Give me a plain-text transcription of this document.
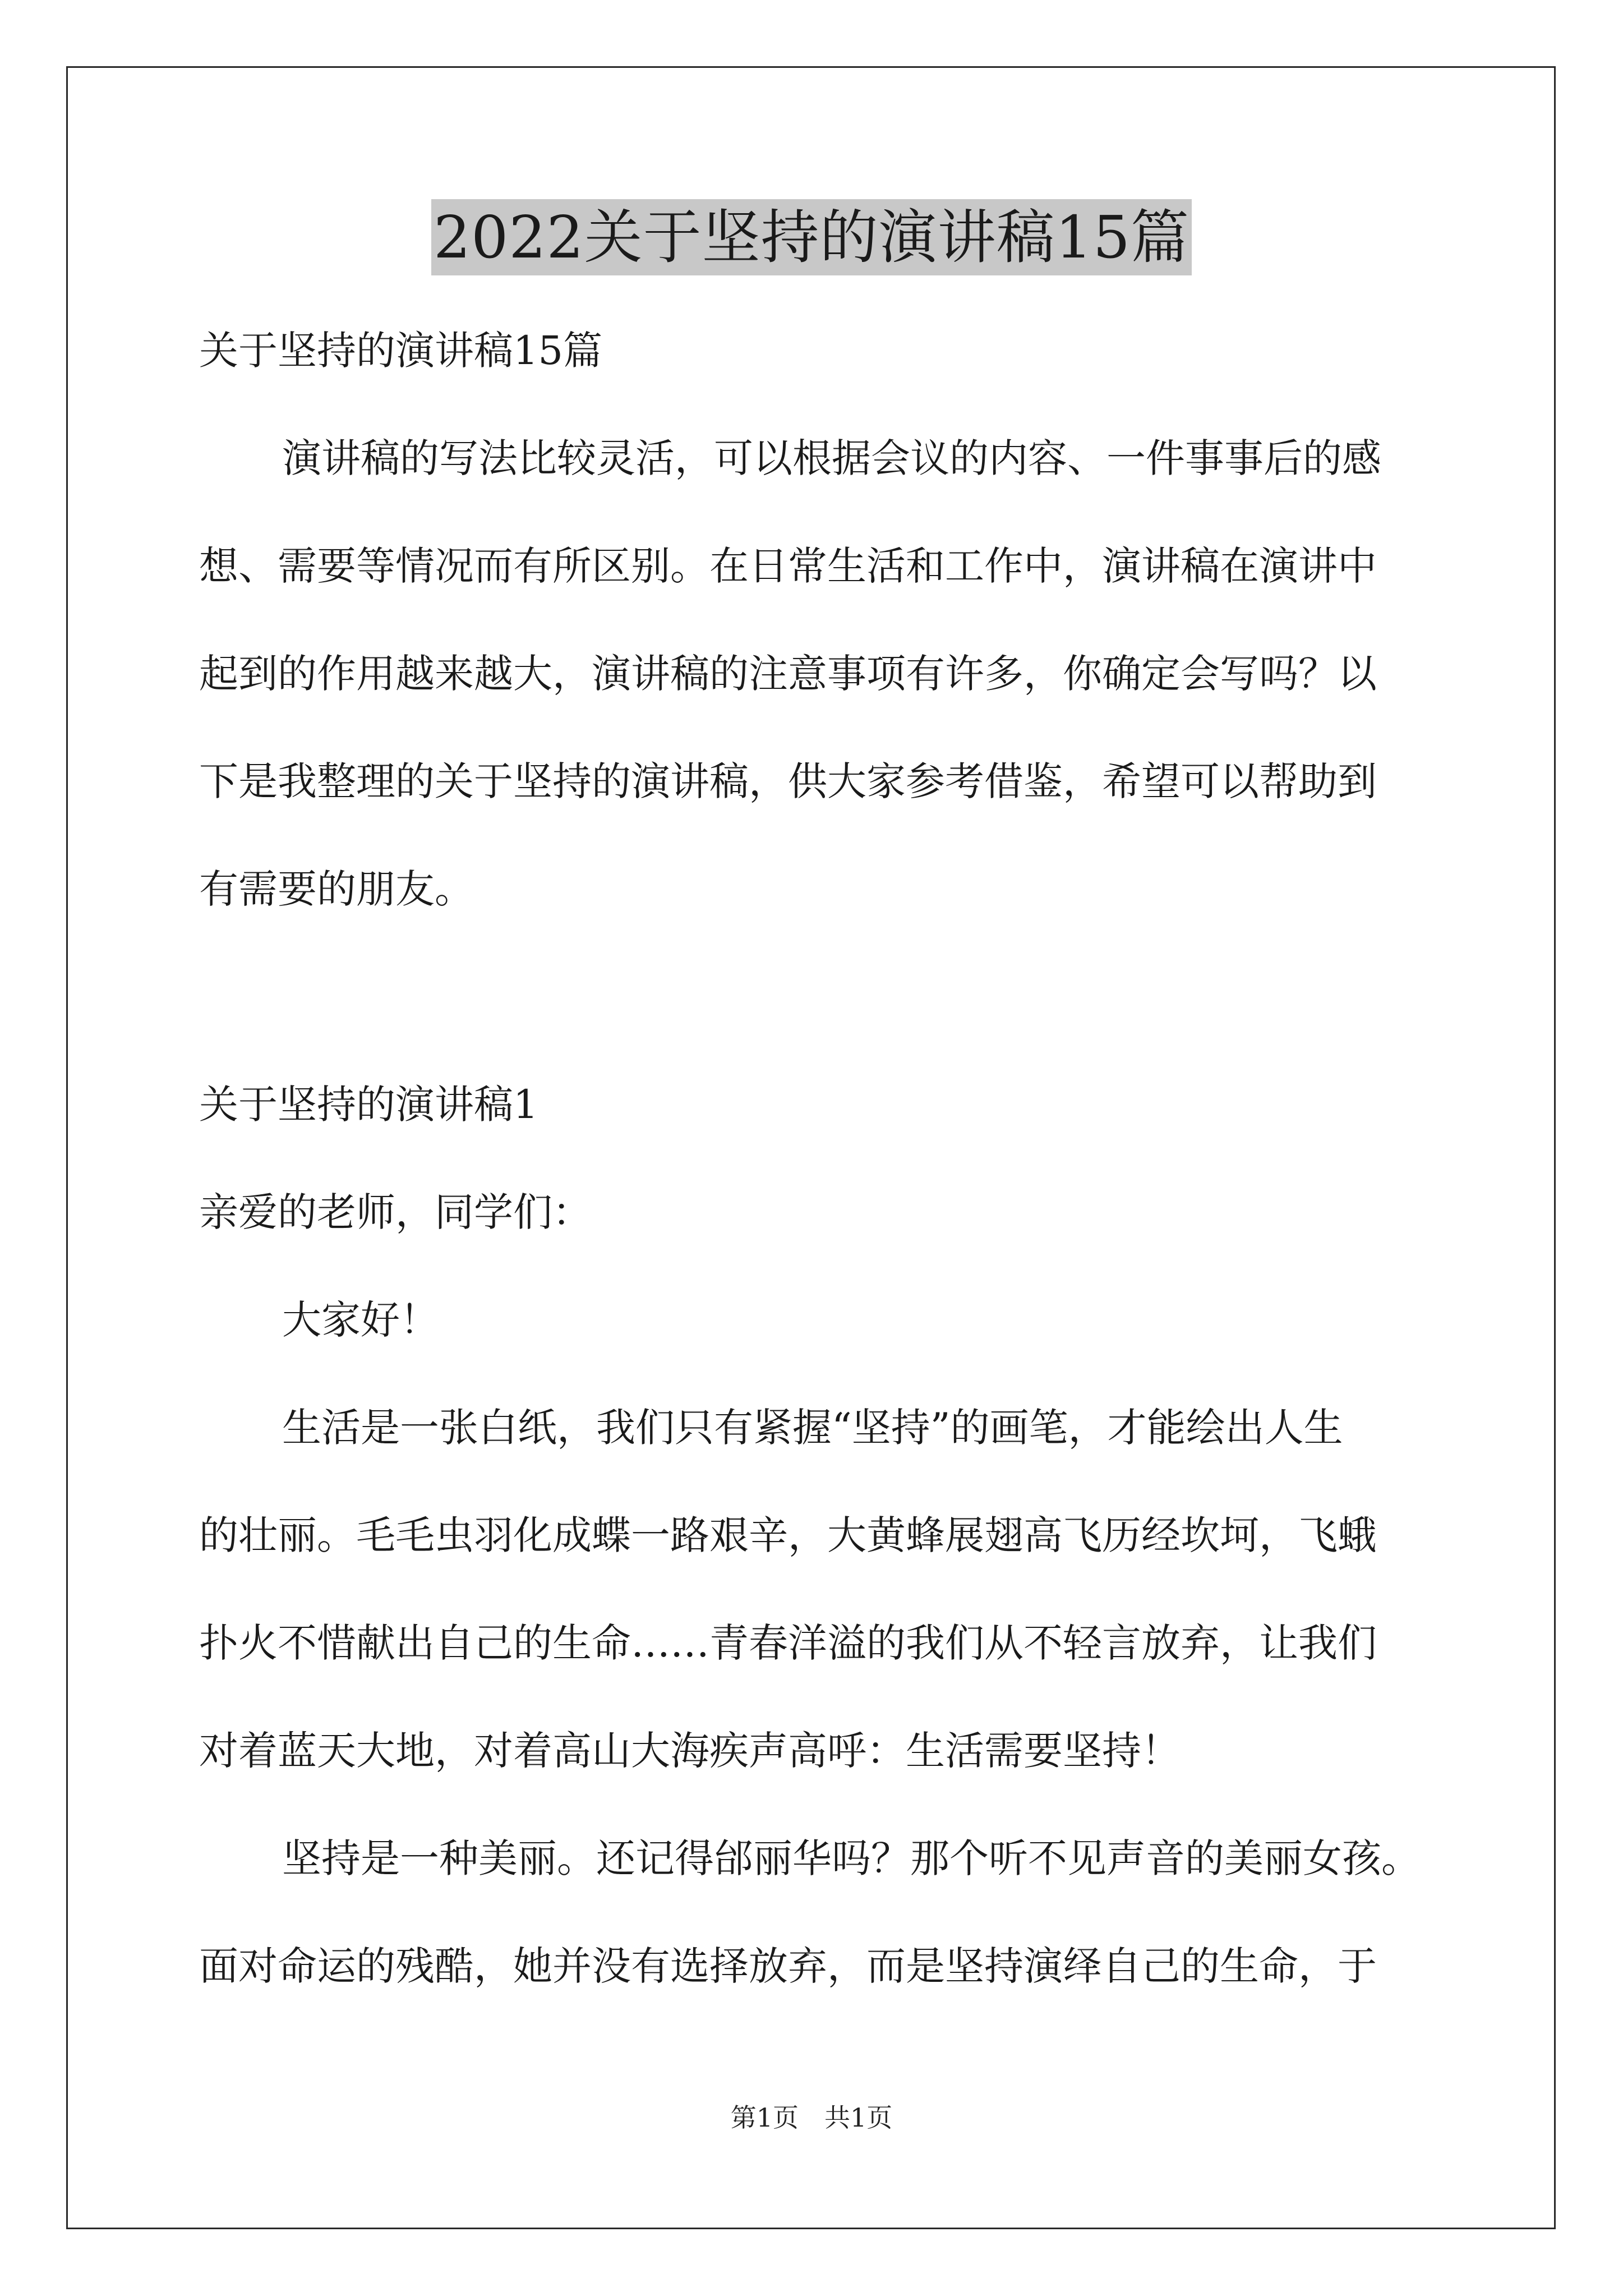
2022关于坚持的演讲稿15篇
关于坚持的演讲稿15篇
演讲稿的写法比较灵活，可以根据会议的内容、一件事事后的感
想、需要等情况而有所区别。在日常生活和工作中，演讲稿在演讲中
起到的作用越来越大，演讲稿的注意事项有许多，你确定会写吗？以
下是我整理的关于坚持的演讲稿，供大家参考借鉴，希望可以帮助到
有需要的朋友。
关于坚持的演讲稿1
亲爱的老师，同学们：
大家好！
生活是一张白纸，我们只有紧握“坚持”的画笔，才能绘出人生
的壮丽。毛毛虫羽化成蝶一路艰辛，大黄蜂展翅高飞历经坎坷，飞蛾
扑火不惜献出自己的生命……青春洋溢的我们从不轻言放弃，让我们
对着蓝天大地，对着高山大海疾声高呼：生活需要坚持！
坚持是一种美丽。还记得邰丽华吗？那个听不见声音的美丽女孩。
面对命运的残酷，她并没有选择放弃，而是坚持演绎自己的生命，于
第1页　共1页
